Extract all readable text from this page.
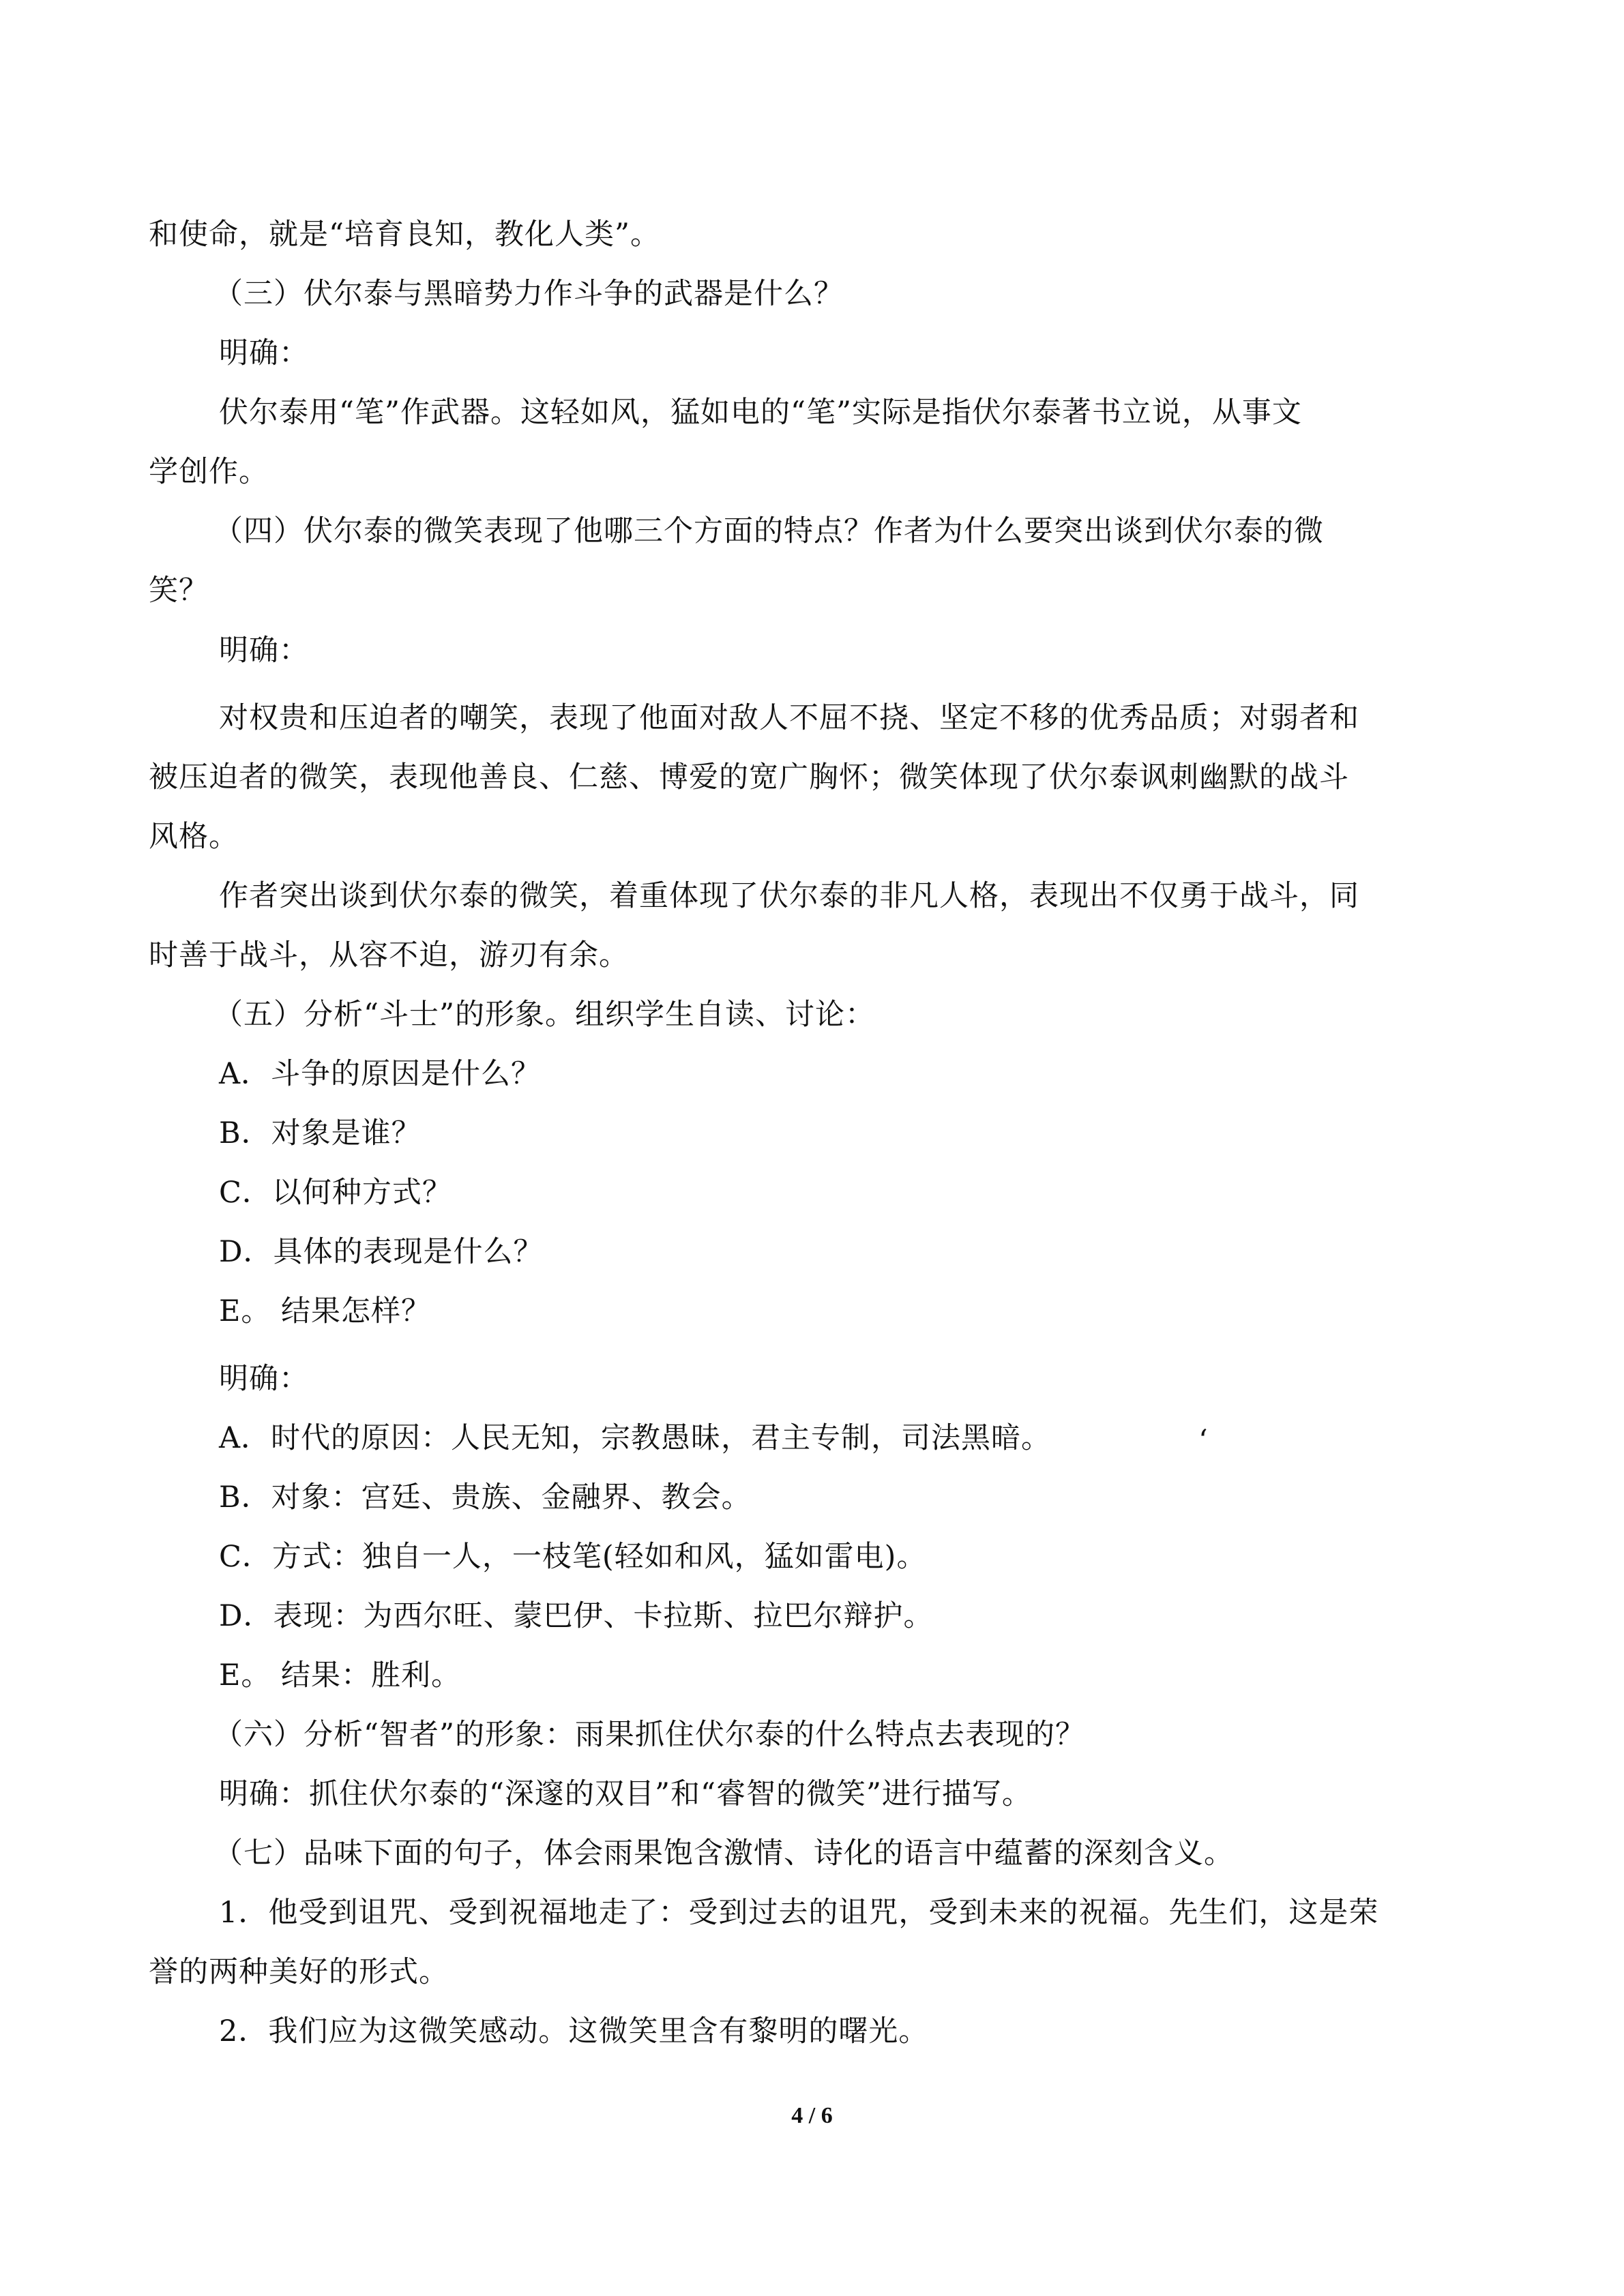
和使命，就是“培育良知，教化人类”。
（三）伏尔泰与黑暗势力作斗争的武器是什么？
明确：
伏尔泰用“笔”作武器。这轻如风，猛如电的“笔”实际是指伏尔泰著书立说，从事文
学创作。
（四）伏尔泰的微笑表现了他哪三个方面的特点？作者为什么要突出谈到伏尔泰的微
笑？
明确：
对权贵和压迫者的嘲笑，表现了他面对敌人不屈不挠、坚定不移的优秀品质；对弱者和
被压迫者的微笑，表现他善良、仁慈、博爱的宽广胸怀；微笑体现了伏尔泰讽刺幽默的战斗
风格。
作者突出谈到伏尔泰的微笑，着重体现了伏尔泰的非凡人格，表现出不仅勇于战斗，同
时善于战斗，从容不迫，游刃有余。
（五）分析“斗士”的形象。组织学生自读、讨论：
A．斗争的原因是什么？
B．对象是谁？
C．以何种方式？
D．具体的表现是什么？
E。 结果怎样？
明确：
A．时代的原因：人民无知，宗教愚昧，君主专制，司法黑暗。	‘
B．对象：宫廷、贵族、金融界、教会。
C．方式：独自一人，一枝笔(轻如和风，猛如雷电)。
D．表现：为西尔旺、蒙巴伊、卡拉斯、拉巴尔辩护。
E。 结果：胜利。
（六）分析“智者”的形象：雨果抓住伏尔泰的什么特点去表现的？
明确：抓住伏尔泰的“深邃的双目”和“睿智的微笑”进行描写。
（七）品味下面的句子，体会雨果饱含激情、诗化的语言中蕴蓄的深刻含义。
1．他受到诅咒、受到祝福地走了：受到过去的诅咒，受到未来的祝福。先生们，这是荣
誉的两种美好的形式。
2．我们应为这微笑感动。这微笑里含有黎明的曙光。
4 / 6
